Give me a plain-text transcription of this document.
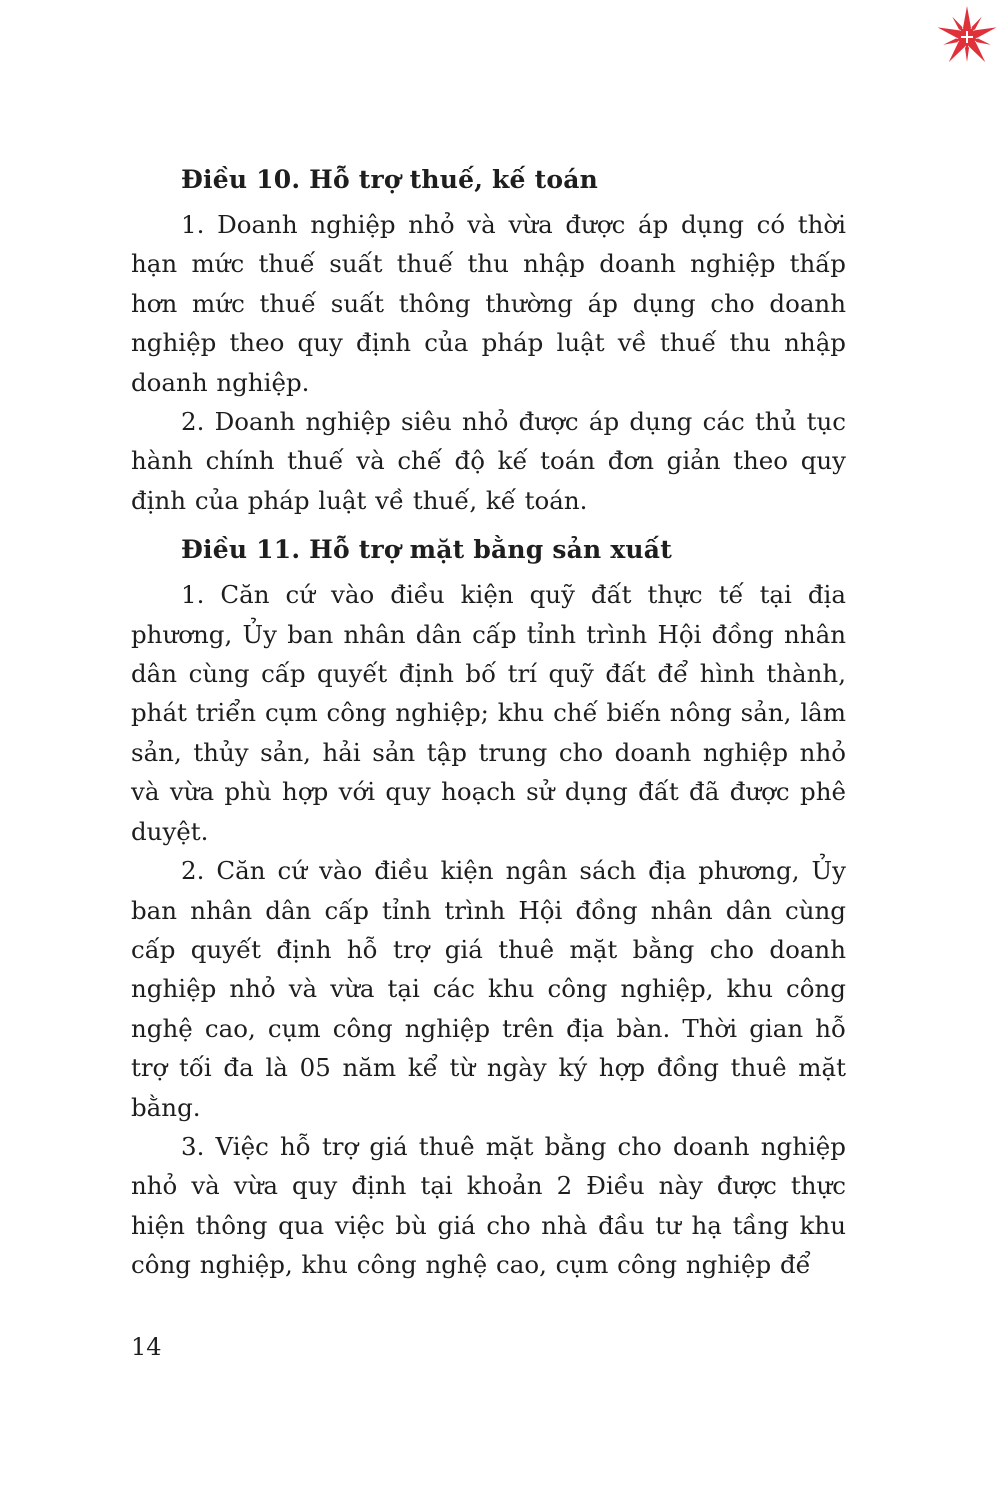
Điều 10. Hỗ trợ thuế, kế toán

1. Doanh nghiệp nhỏ và vừa được áp dụng có thời hạn mức thuế suất thuế thu nhập doanh nghiệp thấp hơn mức thuế suất thông thường áp dụng cho doanh nghiệp theo quy định của pháp luật về thuế thu nhập doanh nghiệp.

2. Doanh nghiệp siêu nhỏ được áp dụng các thủ tục hành chính thuế và chế độ kế toán đơn giản theo quy định của pháp luật về thuế, kế toán.

Điều 11. Hỗ trợ mặt bằng sản xuất

1. Căn cứ vào điều kiện quỹ đất thực tế tại địa phương, Ủy ban nhân dân cấp tỉnh trình Hội đồng nhân dân cùng cấp quyết định bố trí quỹ đất để hình thành, phát triển cụm công nghiệp; khu chế biến nông sản, lâm sản, thủy sản, hải sản tập trung cho doanh nghiệp nhỏ và vừa phù hợp với quy hoạch sử dụng đất đã được phê duyệt.

2. Căn cứ vào điều kiện ngân sách địa phương, Ủy ban nhân dân cấp tỉnh trình Hội đồng nhân dân cùng cấp quyết định hỗ trợ giá thuê mặt bằng cho doanh nghiệp nhỏ và vừa tại các khu công nghiệp, khu công nghệ cao, cụm công nghiệp trên địa bàn. Thời gian hỗ trợ tối đa là 05 năm kể từ ngày ký hợp đồng thuê mặt bằng.

3. Việc hỗ trợ giá thuê mặt bằng cho doanh nghiệp nhỏ và vừa quy định tại khoản 2 Điều này được thực hiện thông qua việc bù giá cho nhà đầu tư hạ tầng khu công nghiệp, khu công nghệ cao, cụm công nghiệp để

14
